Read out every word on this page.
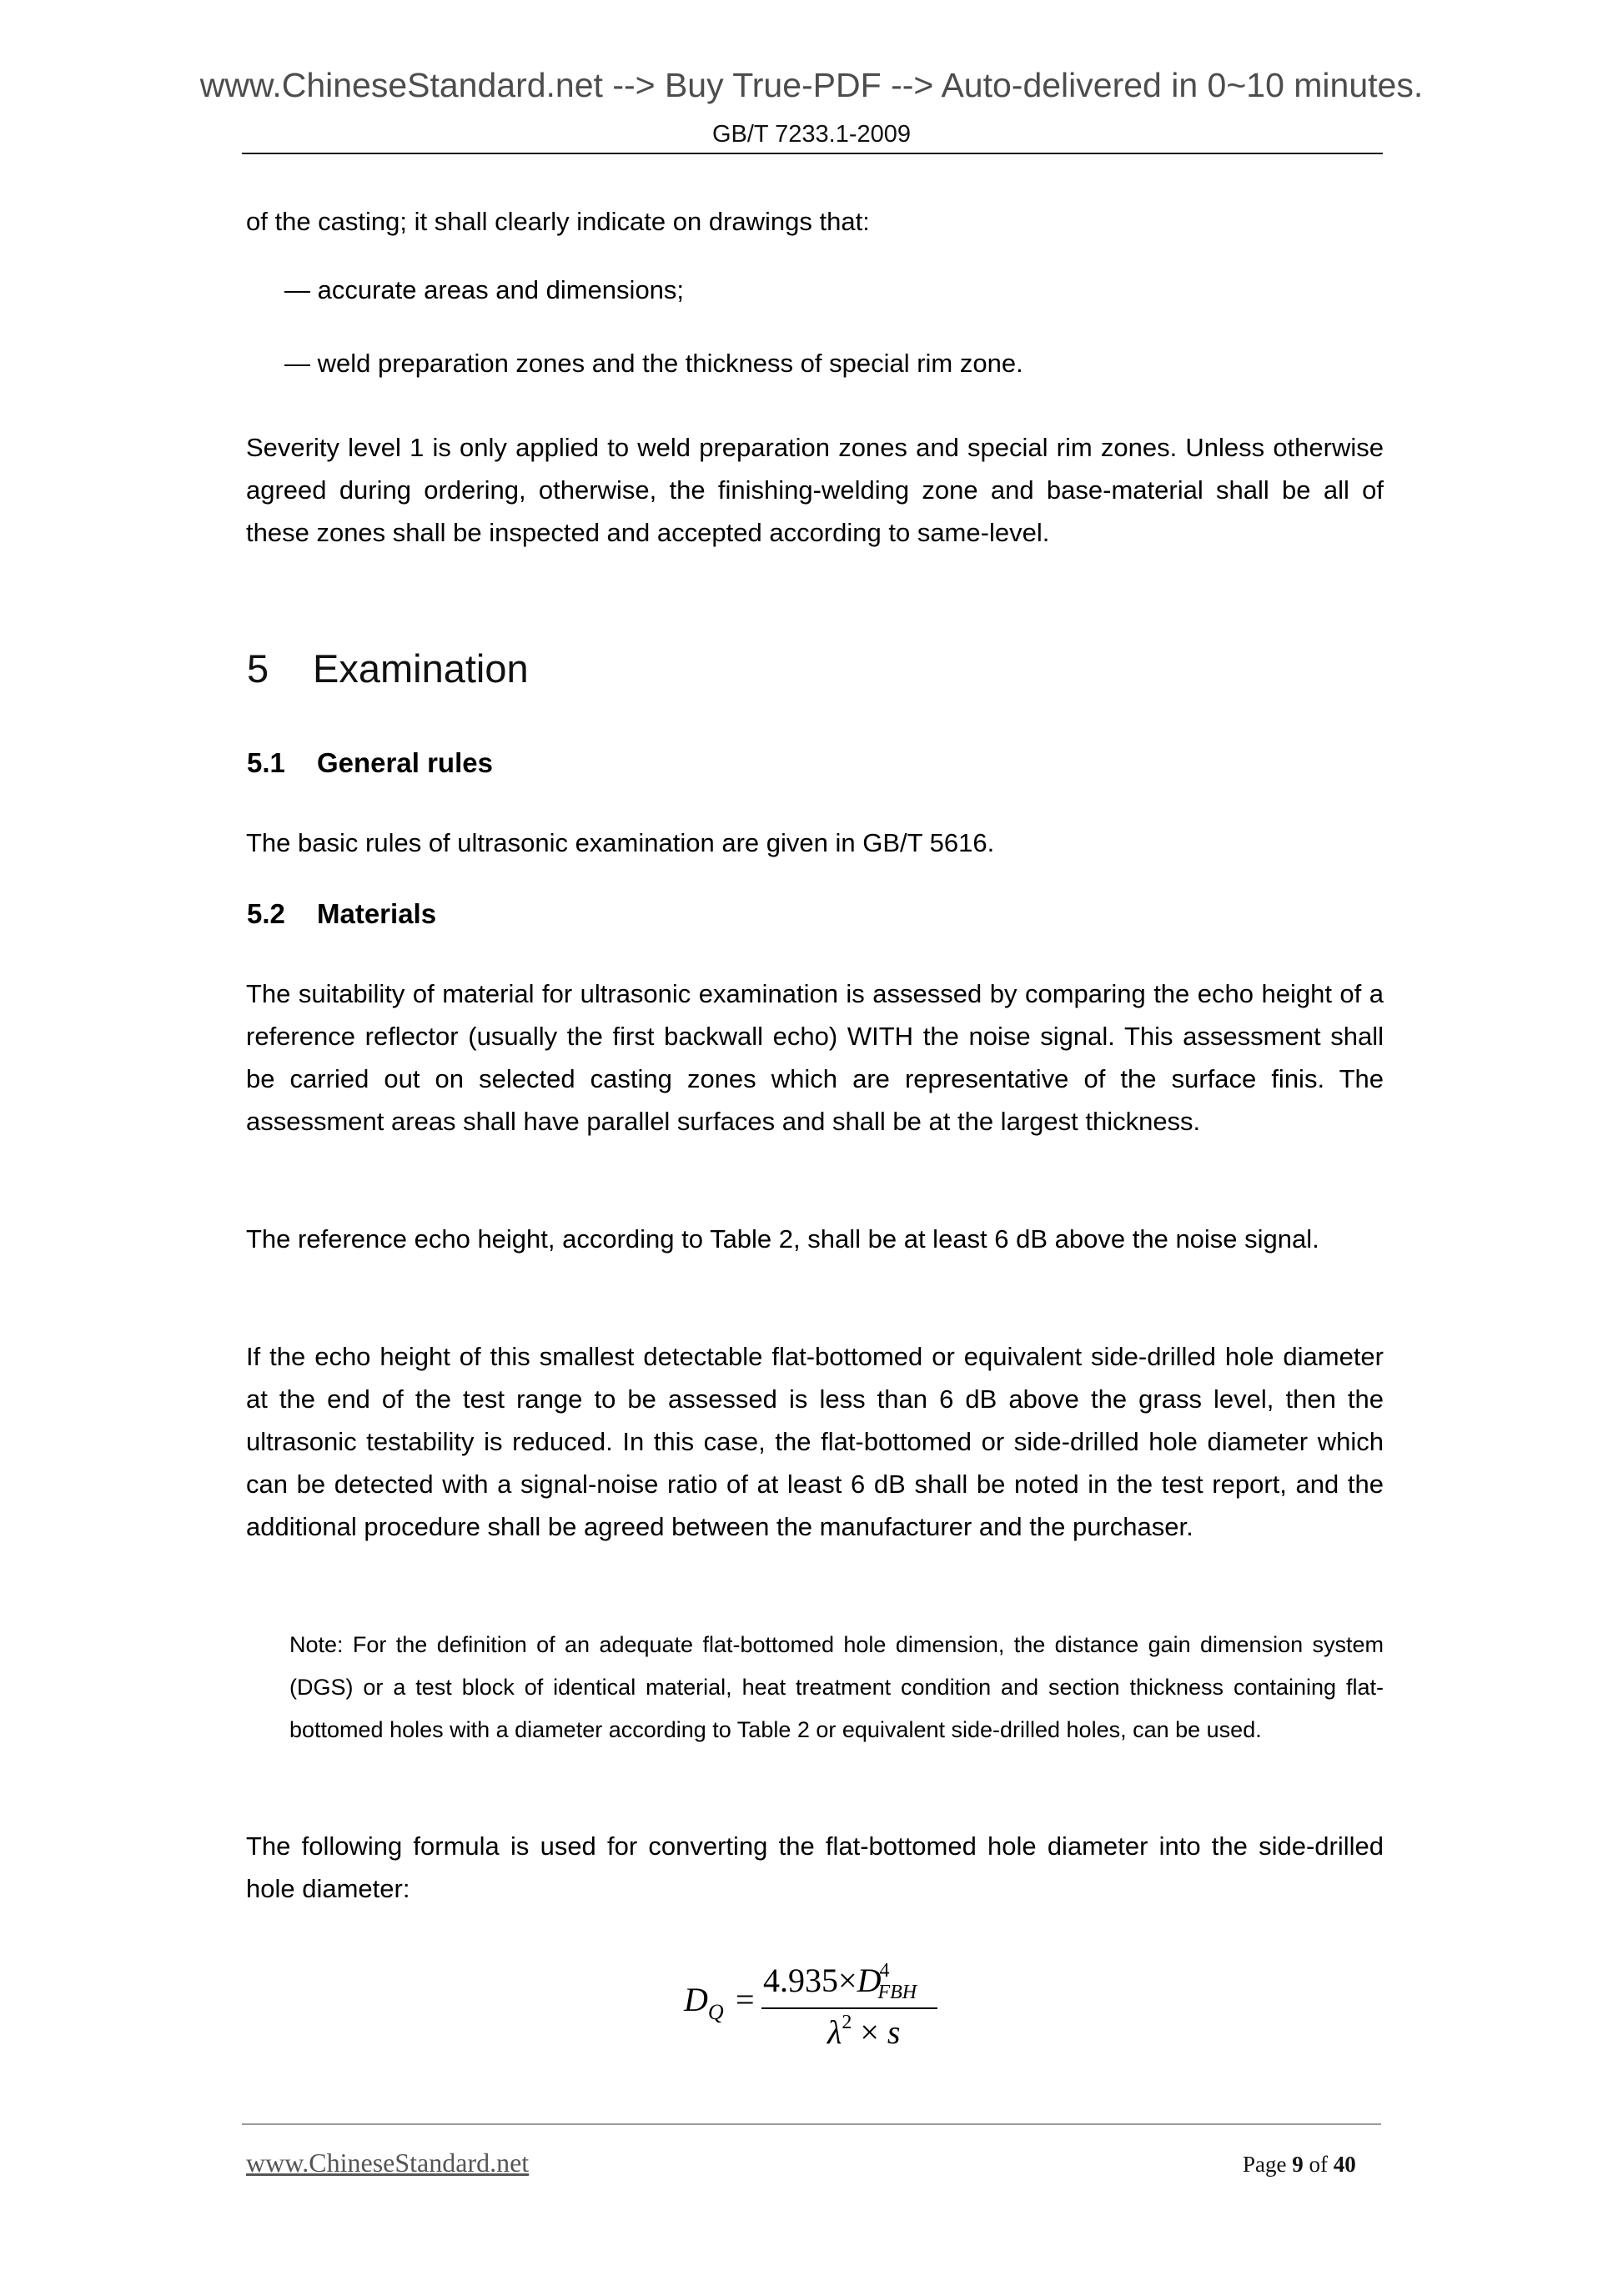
www.ChineseStandard.net --> Buy True-PDF --> Auto-delivered in 0~10 minutes.
GB/T 7233.1-2009
of the casting; it shall clearly indicate on drawings that:
— accurate areas and dimensions;
— weld preparation zones and the thickness of special rim zone.
Severity level 1 is only applied to weld preparation zones and special rim zones. Unless otherwise agreed during ordering, otherwise, the finishing-welding zone and base-material shall be all of these zones shall be inspected and accepted according to same-level.
5 Examination
5.1 General rules
The basic rules of ultrasonic examination are given in GB/T 5616.
5.2 Materials
The suitability of material for ultrasonic examination is assessed by comparing the echo height of a reference reflector (usually the first backwall echo) WITH the noise signal. This assessment shall be carried out on selected casting zones which are representative of the surface finis. The assessment areas shall have parallel surfaces and shall be at the largest thickness.
The reference echo height, according to Table 2, shall be at least 6 dB above the noise signal.
If the echo height of this smallest detectable flat-bottomed or equivalent side-drilled hole diameter at the end of the test range to be assessed is less than 6 dB above the grass level, then the ultrasonic testability is reduced. In this case, the flat-bottomed or side-drilled hole diameter which can be detected with a signal-noise ratio of at least 6 dB shall be noted in the test report, and the additional procedure shall be agreed between the manufacturer and the purchaser.
Note: For the definition of an adequate flat-bottomed hole dimension, the distance gain dimension system (DGS) or a test block of identical material, heat treatment condition and section thickness containing flat-bottomed holes with a diameter according to Table 2 or equivalent side-drilled holes, can be used.
The following formula is used for converting the flat-bottomed hole diameter into the side-drilled hole diameter:
$D_Q$ =
$4.935\times D^4_{FBH}$
$\lambda^2 \times s$
www.ChineseStandard.net	Page 9 of 40
